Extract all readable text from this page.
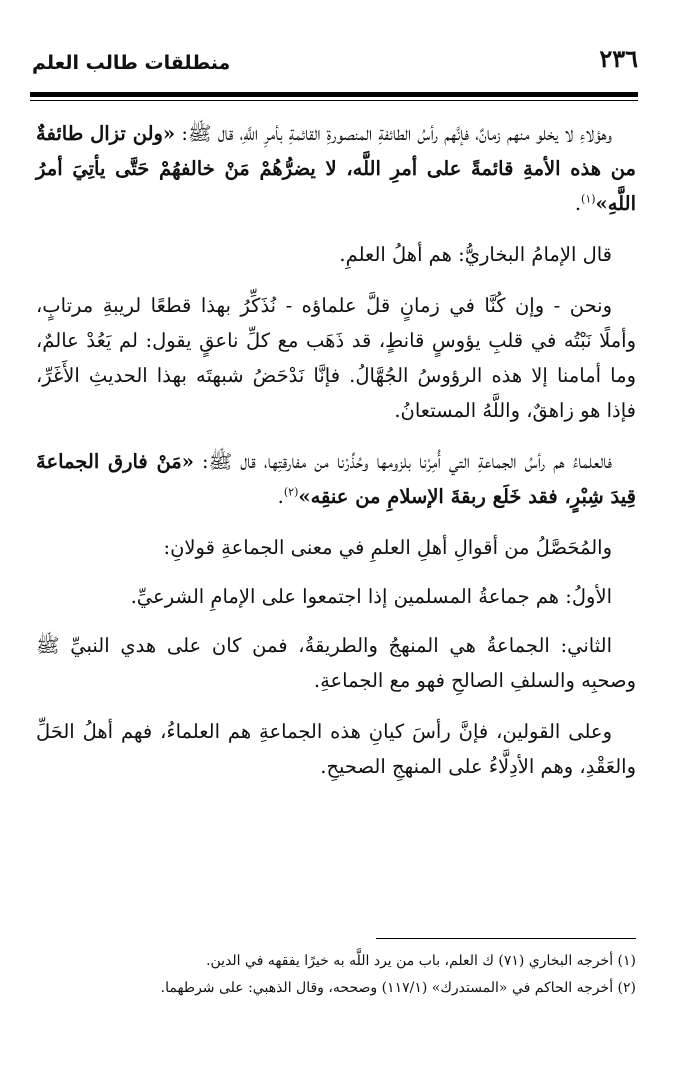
٢٣٦
منطلقات طالب العلم

وهؤلاءِ لا يخلو منهم زمانٌ، فإنَّهم رأسُ الطائفةِ المنصورةِ القائمةِ بأمرِ اللَّهِ، قال ﷺ: «ولن تزال طائفةٌ من هذه الأمةِ قائمةً على أمرِ اللَّه، لا يضرُّهُمْ مَنْ خالفهُمْ حَتَّى يأتِيَ أمرُ اللَّهِ»$^{(١)}$.

قال الإمامُ البخاريُّ: هم أهلُ العلمِ.

ونحن - وإن كُنَّا في زمانٍ قلَّ علماؤه - نُذَكِّرُ بهذا قطعًا لريبةِ مرتابٍ، وأملًا نَبْتُه في قلبِ يؤوسٍ قانطٍ، قد ذَهَب مع كلِّ ناعقٍ يقول: لم يَعُدْ عالمٌ، وما أمامنا إلا هذه الرؤوسُ الجُهَّالُ. فإنَّا نَدْحَضُ شبهتَه بهذا الحديثِ الأَغَرِّ، فإذا هو زاهقٌ، واللَّهُ المستعانُ.

فالعلماءُ هم رأسُ الجماعةِ التي أُمِرْنا بلزومها وحُذِّرْنا من مفارقتِها، قال ﷺ: «مَنْ فارق الجماعةَ قِيدَ شِبْرٍ، فقد خَلَع ربقةَ الإسلامِ من عنقِه»$^{(٢)}$.

والمُحَصَّلُ من أقوالِ أهلِ العلمِ في معنى الجماعةِ قولانِ:

الأولُ: هم جماعةُ المسلمين إذا اجتمعوا على الإمامِ الشرعيِّ.

الثاني: الجماعةُ هي المنهجُ والطريقةُ، فمن كان على هدي النبيِّ ﷺ وصحبِه والسلفِ الصالحِ فهو مع الجماعةِ.

وعلى القولين، فإنَّ رأسَ كيانِ هذه الجماعةِ هم العلماءُ، فهم أهلُ الحَلِّ والعَقْدِ، وهم الأدِلَّاءُ على المنهجِ الصحيحِ.

(١) أخرجه البخاري (٧١) ك العلم، باب من يرد اللَّه به خيرًا يفقهه في الدين.

(٢) أخرجه الحاكم في «المستدرك» (١١٧/١) وصححه، وقال الذهبي: على شرطهما.
